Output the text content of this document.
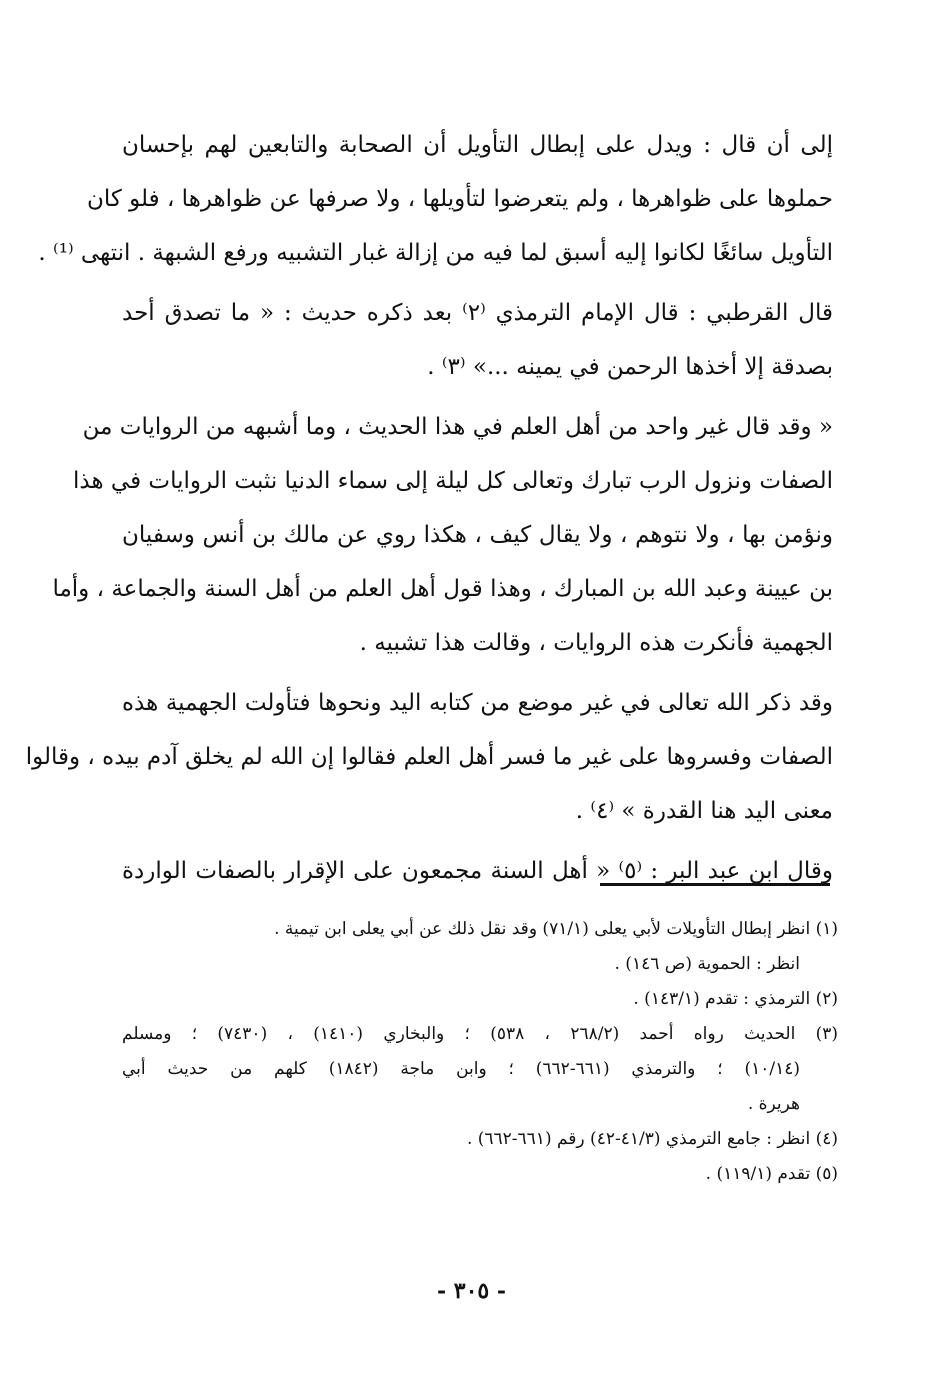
إلى أن قال : ويدل على إبطال التأويل أن الصحابة والتابعين لهم بإحسان
حملوها على ظواهرها ، ولم يتعرضوا لتأويلها ، ولا صرفها عن ظواهرها ، فلو كان
التأويل سائغًا لكانوا إليه أسبق لما فيه من إزالة غبار التشبيه ورفع الشبهة . انتهى ⁽¹⁾ .

قال القرطبي : قال الإمام الترمذي ⁽٢⁾ بعد ذكره حديث : « ما تصدق أحد
بصدقة إلا أخذها الرحمن في يمينه ...» ⁽٣⁾ .

« وقد قال غير واحد من أهل العلم في هذا الحديث ، وما أشبهه من الروايات من
الصفات ونزول الرب تبارك وتعالى كل ليلة إلى سماء الدنيا نثبت الروايات في هذا
ونؤمن بها ، ولا نتوهم ، ولا يقال كيف ، هكذا روي عن مالك بن أنس وسفيان
بن عيينة وعبد الله بن المبارك ، وهذا قول أهل العلم من أهل السنة والجماعة ، وأما
الجهمية فأنكرت هذه الروايات ، وقالت هذا تشبيه .

وقد ذكر الله تعالى في غير موضع من كتابه اليد ونحوها فتأولت الجهمية هذه
الصفات وفسروها على غير ما فسر أهل العلم فقالوا إن الله لم يخلق آدم بيده ، وقالوا
معنى اليد هنا القدرة » ⁽٤⁾ .

وقال ابن عبد البر : ⁽٥⁾ « أهل السنة مجمعون على الإقرار بالصفات الواردة

(١) انظر إبطال التأويلات لأبي يعلى (٧١/١) وقد نقل ذلك عن أبي يعلى ابن تيمية .
انظر : الحموية (ص ١٤٦) .
(٢) الترمذي : تقدم (١٤٣/١) .
(٣) الحديث رواه أحمد (٢٦٨/٢ ، ٥٣٨) ؛ والبخاري (١٤١٠) ، (٧٤٣٠) ؛ ومسلم
(١٠/١٤) ؛ والترمذي (٦٦١-٦٦٢) ؛ وابن ماجة (١٨٤٢) كلهم من حديث أبي
هريرة .
(٤) انظر : جامع الترمذي (٤١/٣-٤٢) رقم (٦٦١-٦٦٢) .
(٥) تقدم (١١٩/١) .
- ٣٠٥ -
